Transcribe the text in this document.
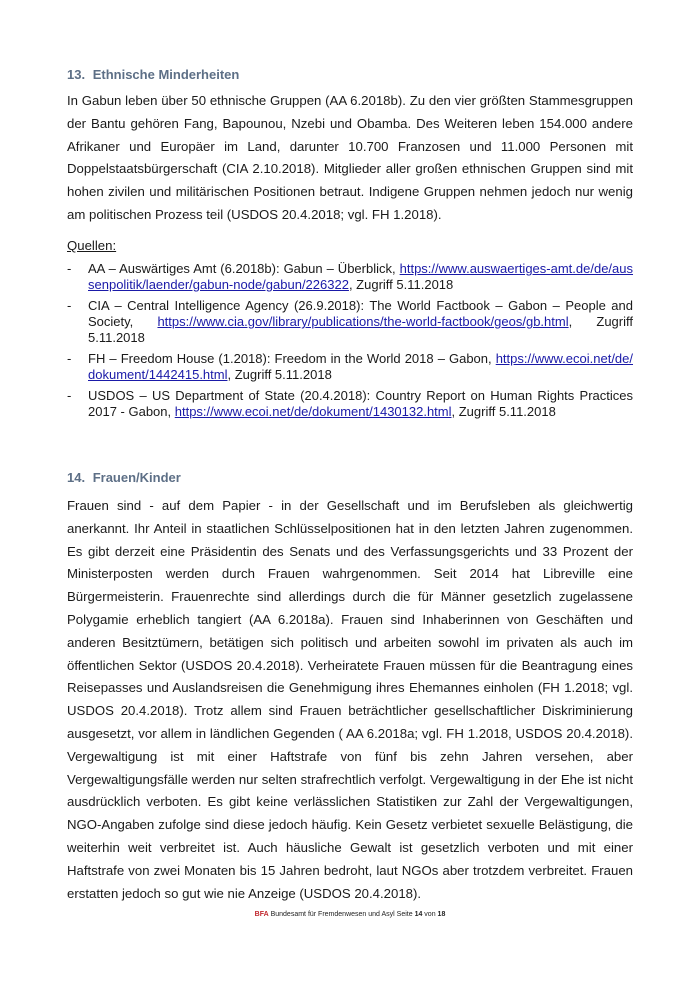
13. Ethnische Minderheiten

In Gabun leben über 50 ethnische Gruppen (AA 6.2018b). Zu den vier größten Stammesgruppen der Bantu gehören Fang, Bapounou, Nzebi und Obamba. Des Weiteren leben 154.000 andere Afrikaner und Europäer im Land, darunter 10.700 Franzosen und 11.000 Personen mit Doppelstaatsbürgerschaft (CIA 2.10.2018). Mitglieder aller großen ethnischen Gruppen sind mit hohen zivilen und militärischen Positionen betraut. Indigene Gruppen nehmen jedoch nur wenig am politischen Prozess teil (USDOS 20.4.2018; vgl. FH 1.2018).

Quellen:
- AA – Auswärtiges Amt (6.2018b): Gabun – Überblick, https://www.auswaertiges-amt.de/de/aussenpolitik/laender/gabun-node/gabun/226322, Zugriff 5.11.2018
- CIA – Central Intelligence Agency (26.9.2018): The World Factbook – Gabon – People and Society, https://www.cia.gov/library/publications/the-world-factbook/geos/gb.html, Zugriff 5.11.2018
- FH – Freedom House (1.2018): Freedom in the World 2018 – Gabon, https://www.ecoi.net/de/dokument/1442415.html, Zugriff 5.11.2018
- USDOS – US Department of State (20.4.2018): Country Report on Human Rights Practices 2017 - Gabon, https://www.ecoi.net/de/dokument/1430132.html, Zugriff 5.11.2018
14. Frauen/Kinder

Frauen sind - auf dem Papier - in der Gesellschaft und im Berufsleben als gleichwertig anerkannt. Ihr Anteil in staatlichen Schlüsselpositionen hat in den letzten Jahren zugenommen. Es gibt derzeit eine Präsidentin des Senats und des Verfassungsgerichts und 33 Prozent der Ministerposten werden durch Frauen wahrgenommen. Seit 2014 hat Libreville eine Bürgermeisterin. Frauenrechte sind allerdings durch die für Männer gesetzlich zugelassene Polygamie erheblich tangiert (AA 6.2018a). Frauen sind Inhaberinnen von Geschäften und anderen Besitztümern, betätigen sich politisch und arbeiten sowohl im privaten als auch im öffentlichen Sektor (USDOS 20.4.2018). Verheiratete Frauen müssen für die Beantragung eines Reisepasses und Auslandsreisen die Genehmigung ihres Ehemannes einholen (FH 1.2018; vgl. USDOS 20.4.2018). Trotz allem sind Frauen beträchtlicher gesellschaftlicher Diskriminierung ausgesetzt, vor allem in ländlichen Gegenden ( AA 6.2018a; vgl. FH 1.2018, USDOS 20.4.2018). Vergewaltigung ist mit einer Haftstrafe von fünf bis zehn Jahren versehen, aber Vergewaltigungsfälle werden nur selten strafrechtlich verfolgt. Vergewaltigung in der Ehe ist nicht ausdrücklich verboten. Es gibt keine verlässlichen Statistiken zur Zahl der Vergewaltigungen, NGO-Angaben zufolge sind diese jedoch häufig. Kein Gesetz verbietet sexuelle Belästigung, die weiterhin weit verbreitet ist. Auch häusliche Gewalt ist gesetzlich verboten und mit einer Haftstrafe von zwei Monaten bis 15 Jahren bedroht, laut NGOs aber trotzdem verbreitet. Frauen erstatten jedoch so gut wie nie Anzeige (USDOS 20.4.2018).

BFA Bundesamt für Fremdenwesen und Asyl Seite 14 von 18
